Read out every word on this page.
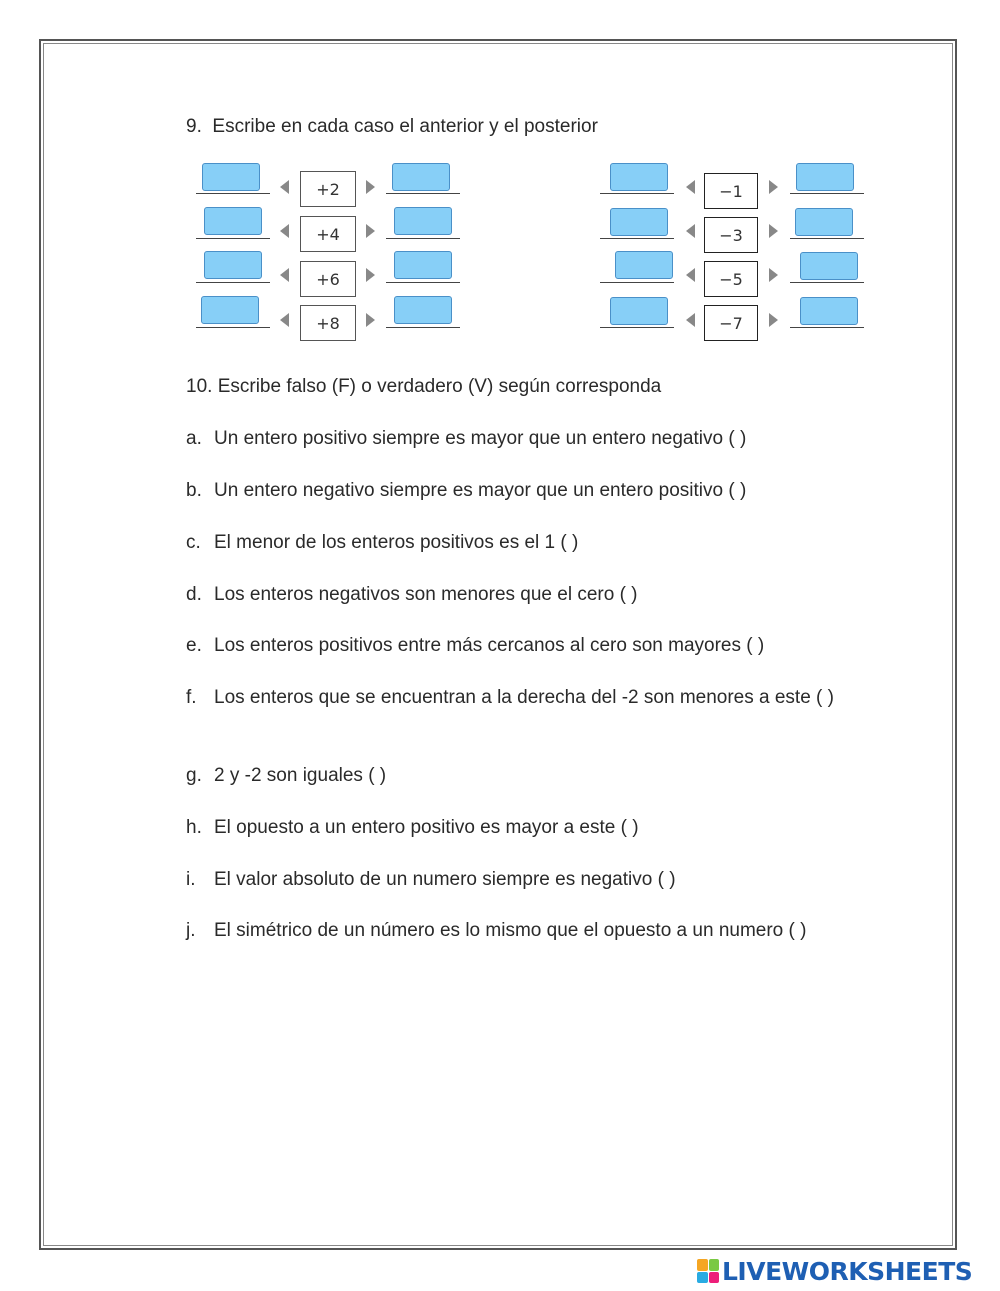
9. Escribe en cada caso el anterior y el posterior
+2
+4
+6
+8
−1
−3
−5
−7
10. Escribe falso (F) o verdadero (V) según corresponda
a. Un entero positivo siempre es mayor que un entero negativo ( )
b. Un entero negativo siempre es mayor que un entero positivo ( )
c. El menor de los enteros positivos es el 1 ( )
d. Los enteros negativos son menores que el cero ( )
e. Los enteros positivos entre más cercanos al cero son mayores ( )
f. Los enteros que se encuentran a la derecha del -2 son menores a este ( )
g. 2 y -2 son iguales ( )
h. El opuesto a un entero positivo es mayor a este ( )
i. El valor absoluto de un numero siempre es negativo ( )
j. El simétrico de un número es lo mismo que el opuesto a un numero ( )
LIVEWORKSHEETS
